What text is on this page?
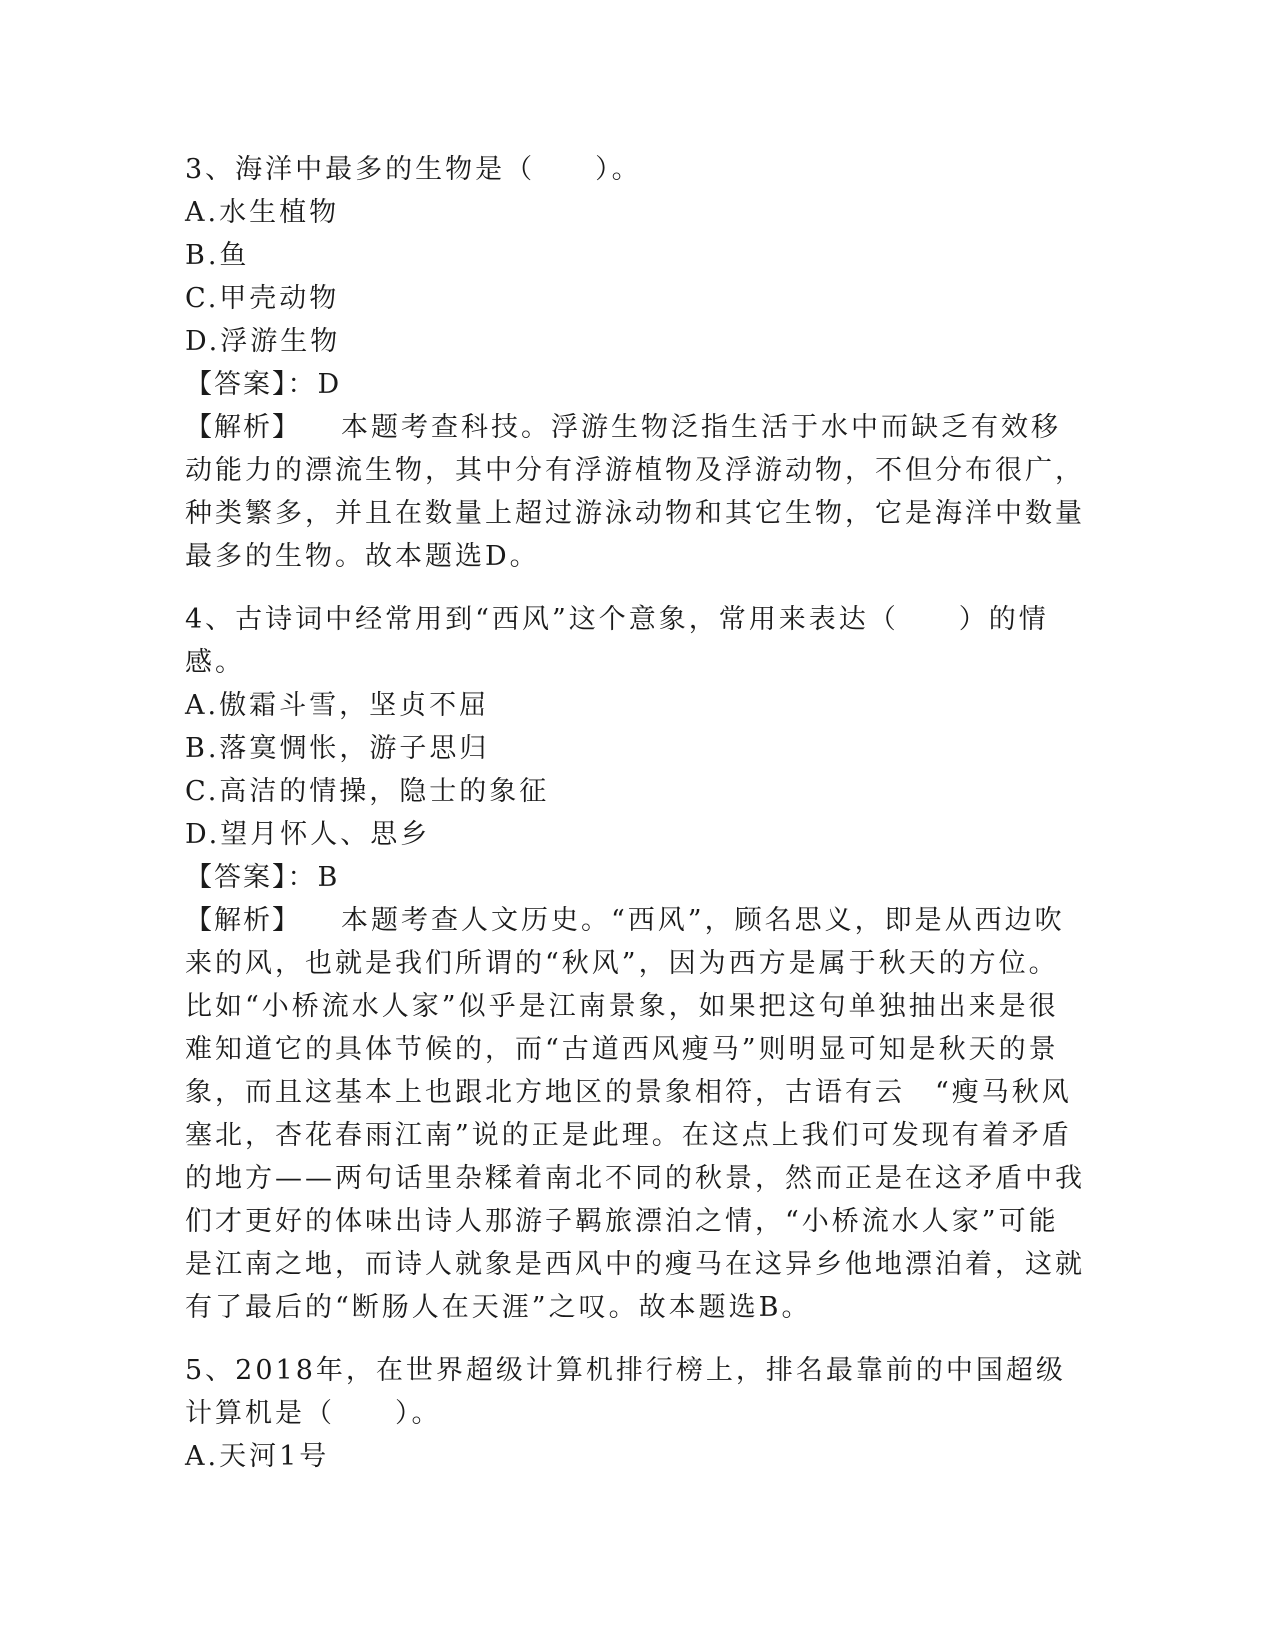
3、海洋中最多的生物是（　　）。

A.水生植物

B.鱼

C.甲壳动物

D.浮游生物

【答案】：D

【解析】 本题考查科技。浮游生物泛指生活于水中而缺乏有效移动能力的漂流生物，其中分有浮游植物及浮游动物，不但分布很广，种类繁多，并且在数量上超过游泳动物和其它生物，它是海洋中数量最多的生物。故本题选D。

4、古诗词中经常用到“西风”这个意象，常用来表达（　　）的情感。

A.傲霜斗雪，坚贞不屈

B.落寞惆怅，游子思归

C.高洁的情操，隐士的象征

D.望月怀人、思乡

【答案】：B

【解析】 本题考查人文历史。“西风”，顾名思义，即是从西边吹来的风，也就是我们所谓的“秋风”，因为西方是属于秋天的方位。比如“小桥流水人家”似乎是江南景象，如果把这句单独抽出来是很难知道它的具体节候的，而“古道西风瘦马”则明显可知是秋天的景象，而且这基本上也跟北方地区的景象相符，古语有云　“瘦马秋风塞北，杏花春雨江南”说的正是此理。在这点上我们可发现有着矛盾的地方——两句话里杂糅着南北不同的秋景，然而正是在这矛盾中我们才更好的体味出诗人那游子羁旅漂泊之情，“小桥流水人家”可能是江南之地，而诗人就象是西风中的瘦马在这异乡他地漂泊着，这就有了最后的“断肠人在天涯”之叹。故本题选B。

5、2018年，在世界超级计算机排行榜上，排名最靠前的中国超级计算机是（　　）。

A.天河1号
